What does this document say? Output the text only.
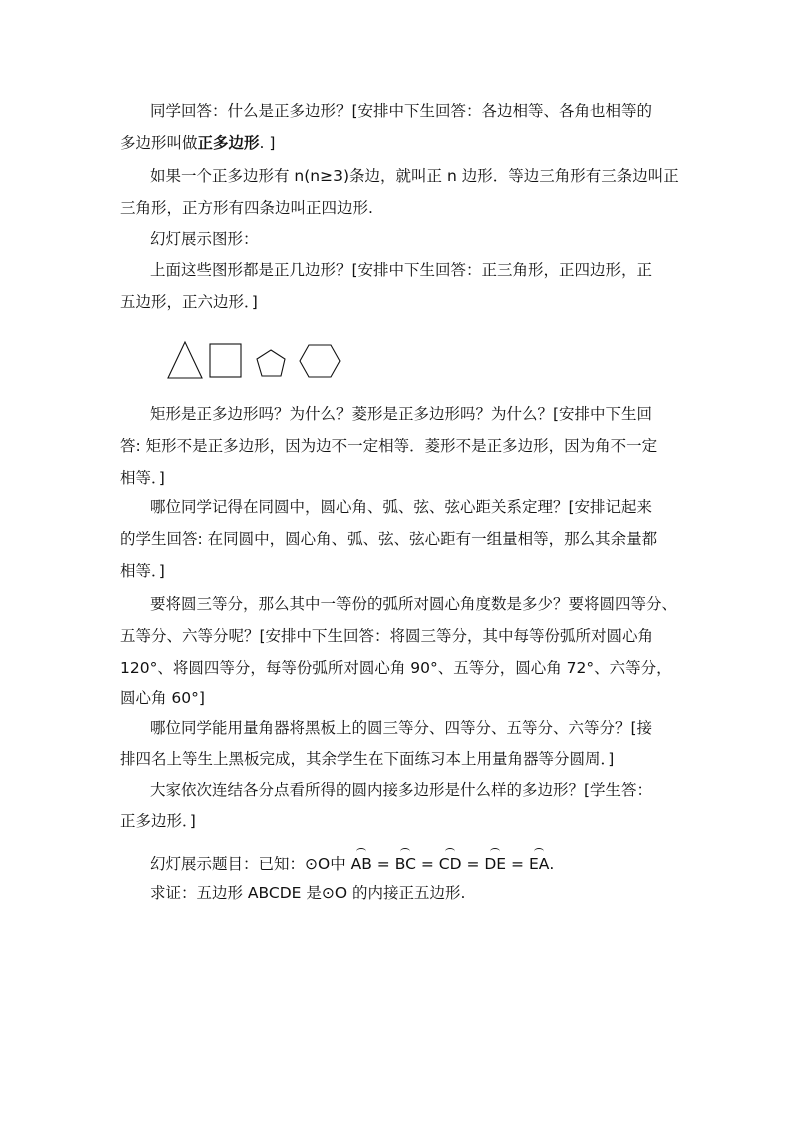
同学回答：什么是正多边形？[安排中下生回答：各边相等、各角也相等的
多边形叫做正多边形. ]
如果一个正多边形有 n(n≥3)条边，就叫正 n 边形．等边三角形有三条边叫正
三角形，正方形有四条边叫正四边形.
幻灯展示图形：
上面这些图形都是正几边形？[安排中下生回答：正三角形，正四边形，正
五边形，正六边形．]
矩形是正多边形吗？为什么？菱形是正多边形吗？为什么？[安排中下生回
答: 矩形不是正多边形，因为边不一定相等．菱形不是正多边形，因为角不一定
相等．]
哪位同学记得在同圆中，圆心角、弧、弦、弦心距关系定理？[安排记起来
的学生回答: 在同圆中，圆心角、弧、弦、弦心距有一组量相等，那么其余量都
相等．]
要将圆三等分，那么其中一等份的弧所对圆心角度数是多少？要将圆四等分、
五等分、六等分呢？[安排中下生回答：将圆三等分，其中每等份弧所对圆心角
120°、将圆四等分，每等份弧所对圆心角 90°、五等分，圆心角 72°、六等分，
圆心角 60°]
哪位同学能用量角器将黑板上的圆三等分、四等分、五等分、六等分？[接
排四名上等生上黑板完成，其余学生在下面练习本上用量角器等分圆周．]
大家依次连结各分点看所得的圆内接多边形是什么样的多边形？[学生答：
正多边形．]
幻灯展示题目：已知：⊙O中 AB = BC = CD = DE = EA.
求证：五边形 ABCDE 是⊙O 的内接正五边形.
